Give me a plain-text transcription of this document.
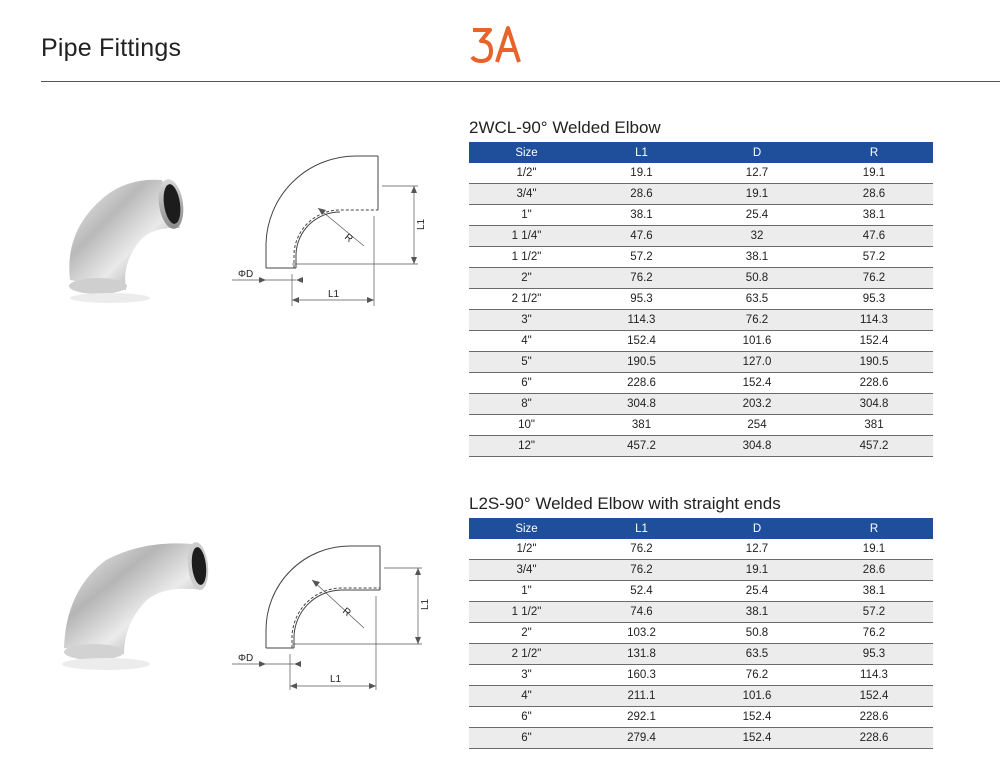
Pipe Fittings
ΦD
L1
R
L1
2WCL-90° Welded Elbow
Size	L1	D	R
1/2"	19.1	12.7	19.1
3/4"	28.6	19.1	28.6
1"	38.1	25.4	38.1
1 1/4"	47.6	32	47.6
1 1/2"	57.2	38.1	57.2
2"	76.2	50.8	76.2
2 1/2"	95.3	63.5	95.3
3"	114.3	76.2	114.3
4"	152.4	101.6	152.4
5"	190.5	127.0	190.5
6"	228.6	152.4	228.6
8"	304.8	203.2	304.8
10"	381	254	381
12"	457.2	304.8	457.2
ΦD
L1
R
L1
L2S-90° Welded Elbow with straight ends
Size	L1	D	R
1/2"	76.2	12.7	19.1
3/4"	76.2	19.1	28.6
1"	52.4	25.4	38.1
1 1/2"	74.6	38.1	57.2
2"	103.2	50.8	76.2
2 1/2"	131.8	63.5	95.3
3"	160.3	76.2	114.3
4"	211.1	101.6	152.4
6"	292.1	152.4	228.6
6"	279.4	152.4	228.6
